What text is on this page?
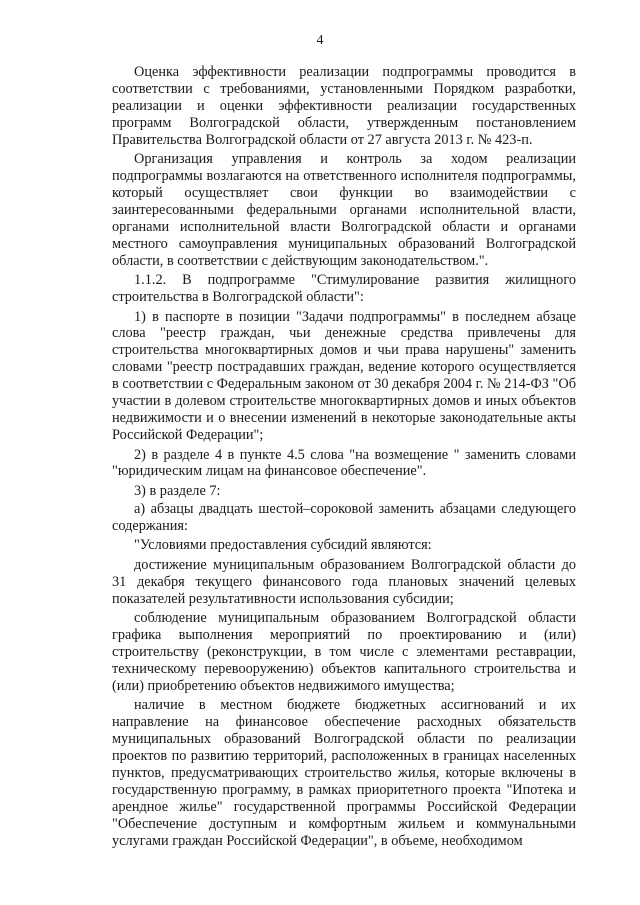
4

Оценка эффективности реализации подпрограммы проводится в соответствии с требованиями, установленными Порядком разработки, реализации и оценки эффективности реализации государственных программ Волгоградской области, утвержденным постановлением Правительства Волгоградской области от 27 августа 2013 г. № 423-п.

Организация управления и контроль за ходом реализации подпрограммы возлагаются на ответственного исполнителя подпрограммы, который осуществляет свои функции во взаимодействии с заинтересованными федеральными органами исполнительной власти, органами исполнительной власти Волгоградской области и органами местного самоуправления муниципальных образований Волгоградской области, в соответствии с действующим законодательством.".

1.1.2. В подпрограмме "Стимулирование развития жилищного строительства в Волгоградской области":

1) в паспорте в позиции "Задачи подпрограммы" в последнем абзаце слова "реестр граждан, чьи денежные средства привлечены для строительства многоквартирных домов и чьи права нарушены" заменить словами "реестр пострадавших граждан, ведение которого осуществляется в соответствии с Федеральным законом от 30 декабря 2004 г. № 214-ФЗ "Об участии в долевом строительстве многоквартирных домов и иных объектов недвижимости и о внесении изменений в некоторые законодательные акты Российской Федерации";

2) в разделе 4 в пункте 4.5 слова "на возмещение " заменить словами "юридическим лицам на финансовое обеспечение".

3) в разделе 7:

а) абзацы двадцать шестой–сороковой заменить абзацами следующего содержания:

"Условиями предоставления субсидий являются:

достижение муниципальным образованием Волгоградской области до 31 декабря текущего финансового года плановых значений целевых показателей результативности использования субсидии;

соблюдение муниципальным образованием Волгоградской области графика выполнения мероприятий по проектированию и (или) строительству (реконструкции, в том числе с элементами реставрации, техническому перевооружению) объектов капитального строительства и (или) приобретению объектов недвижимого имущества;

наличие в местном бюджете бюджетных ассигнований и их направление на финансовое обеспечение расходных обязательств муниципальных образований Волгоградской области по реализации проектов по развитию территорий, расположенных в границах населенных пунктов, предусматривающих строительство жилья, которые включены в государственную программу, в рамках приоритетного проекта "Ипотека и арендное жилье" государственной программы Российской Федерации "Обеспечение доступным и комфортным жильем и коммунальными услугами граждан Российской Федерации", в объеме, необходимом
